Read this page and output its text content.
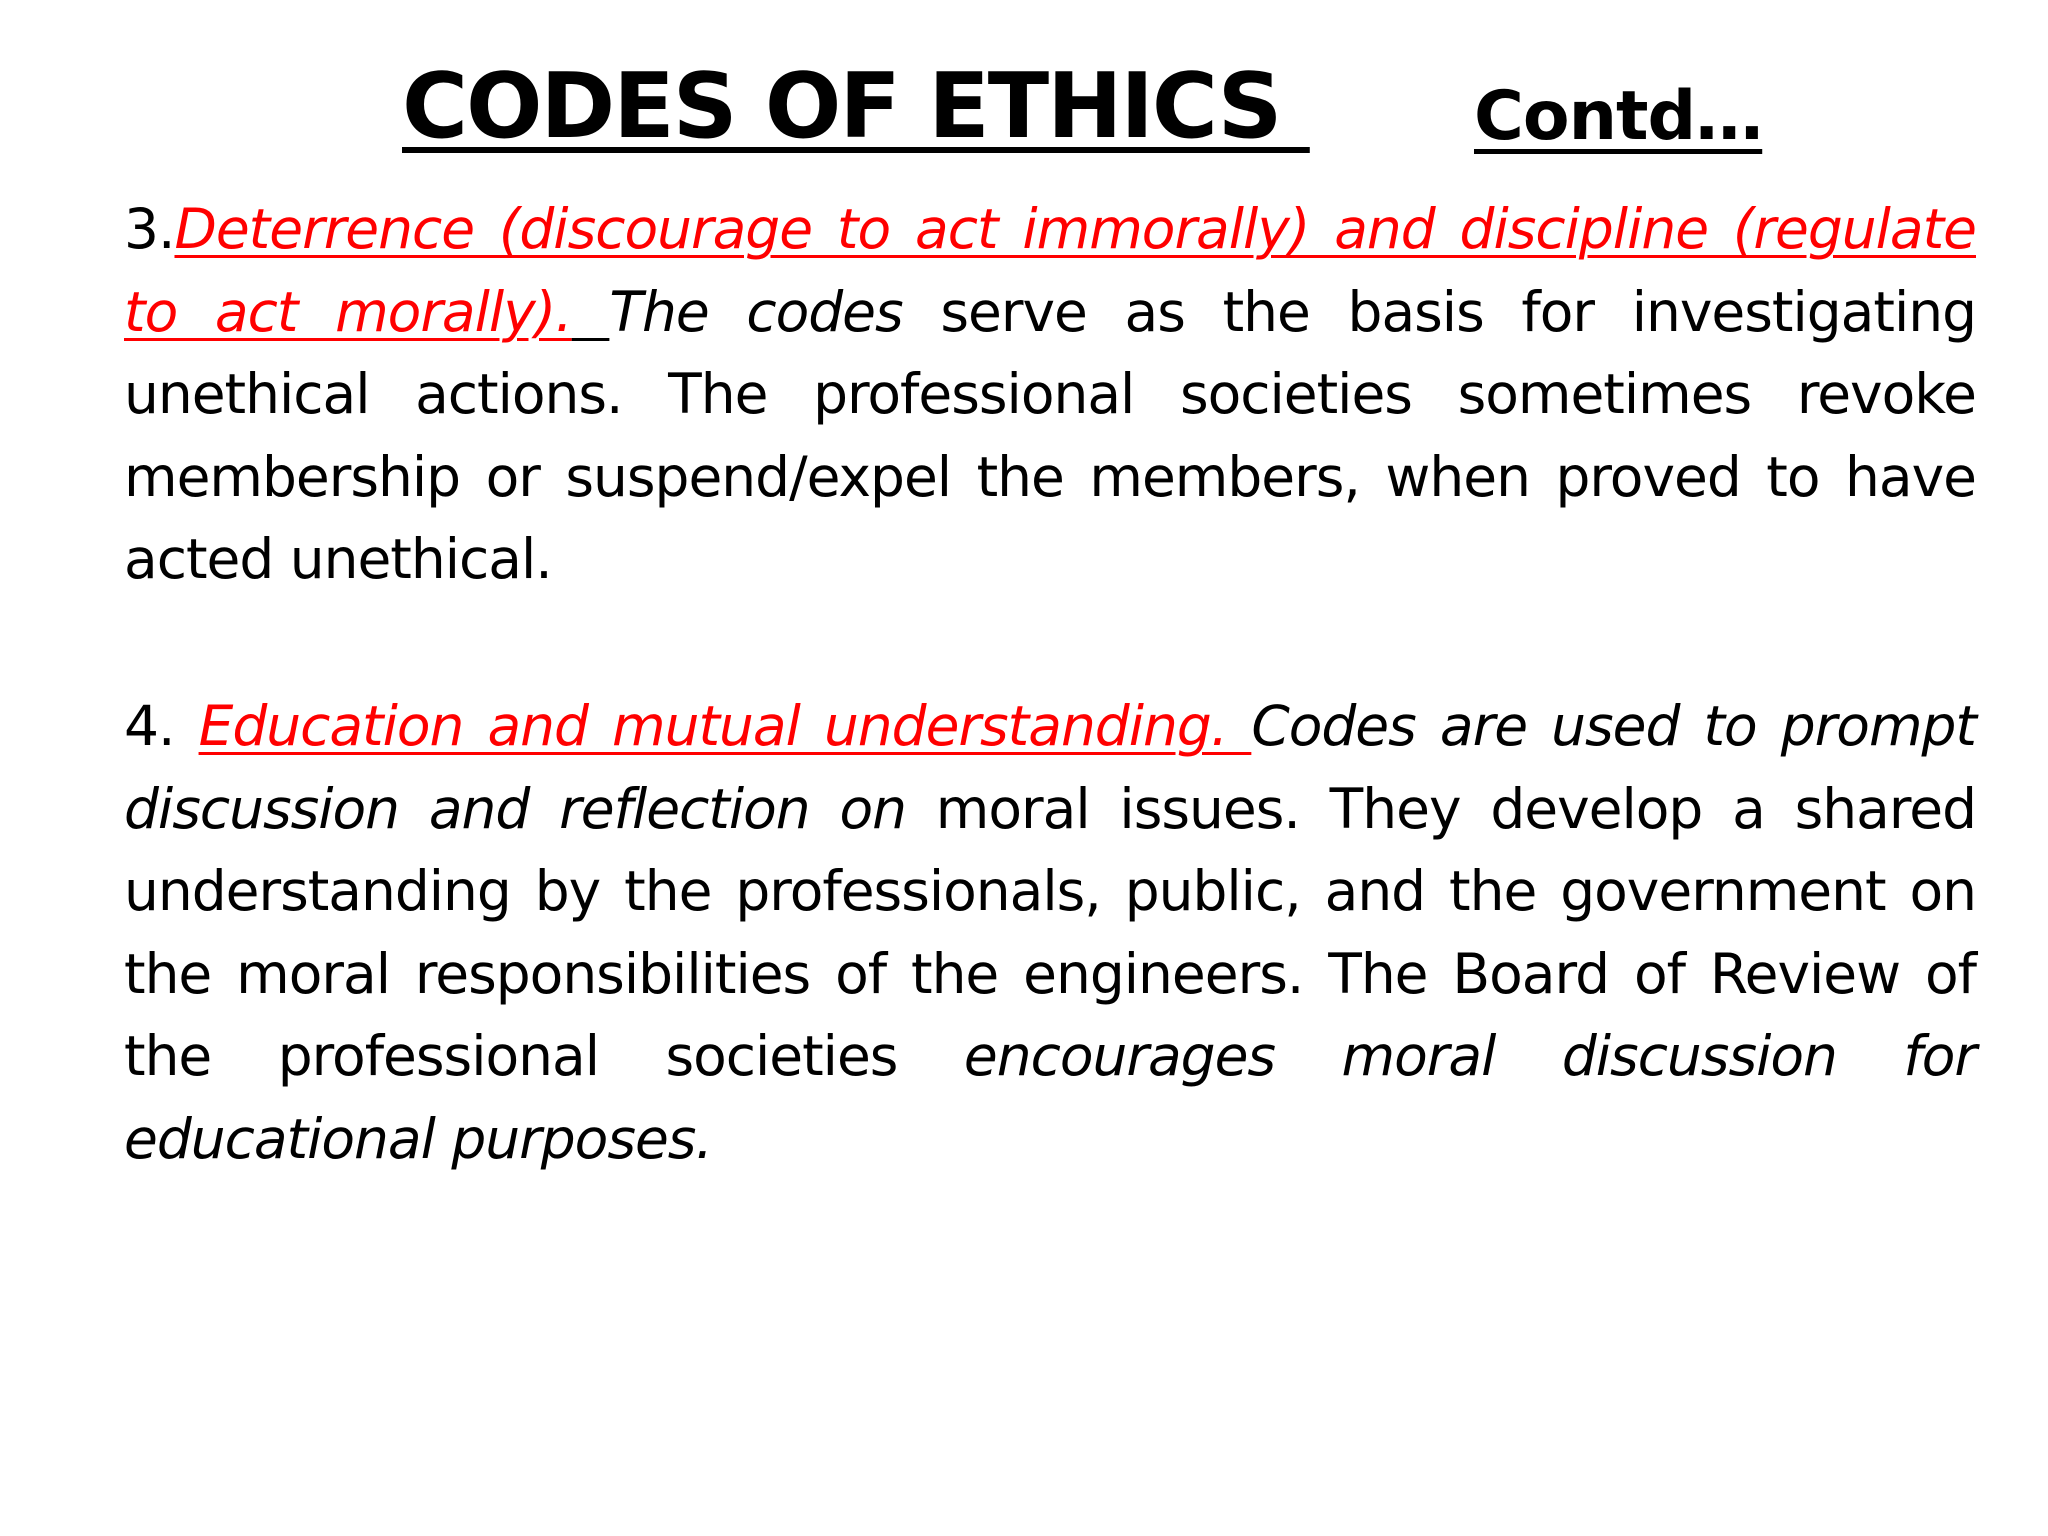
CODES OF ETHICS Contd…
3.Deterrence (discourage to act immorally) and discipline (regulate to act morally). The codes serve as the basis for investigating unethical actions. The professional societies sometimes revoke membership or suspend/expel the members, when proved to have acted unethical.
4. Education and mutual understanding. Codes are used to prompt discussion and reflection on moral issues. They develop a shared understanding by the professionals, public, and the government on the moral responsibilities of the engineers. The Board of Review of the professional societies encourages moral discussion for educational purposes.
